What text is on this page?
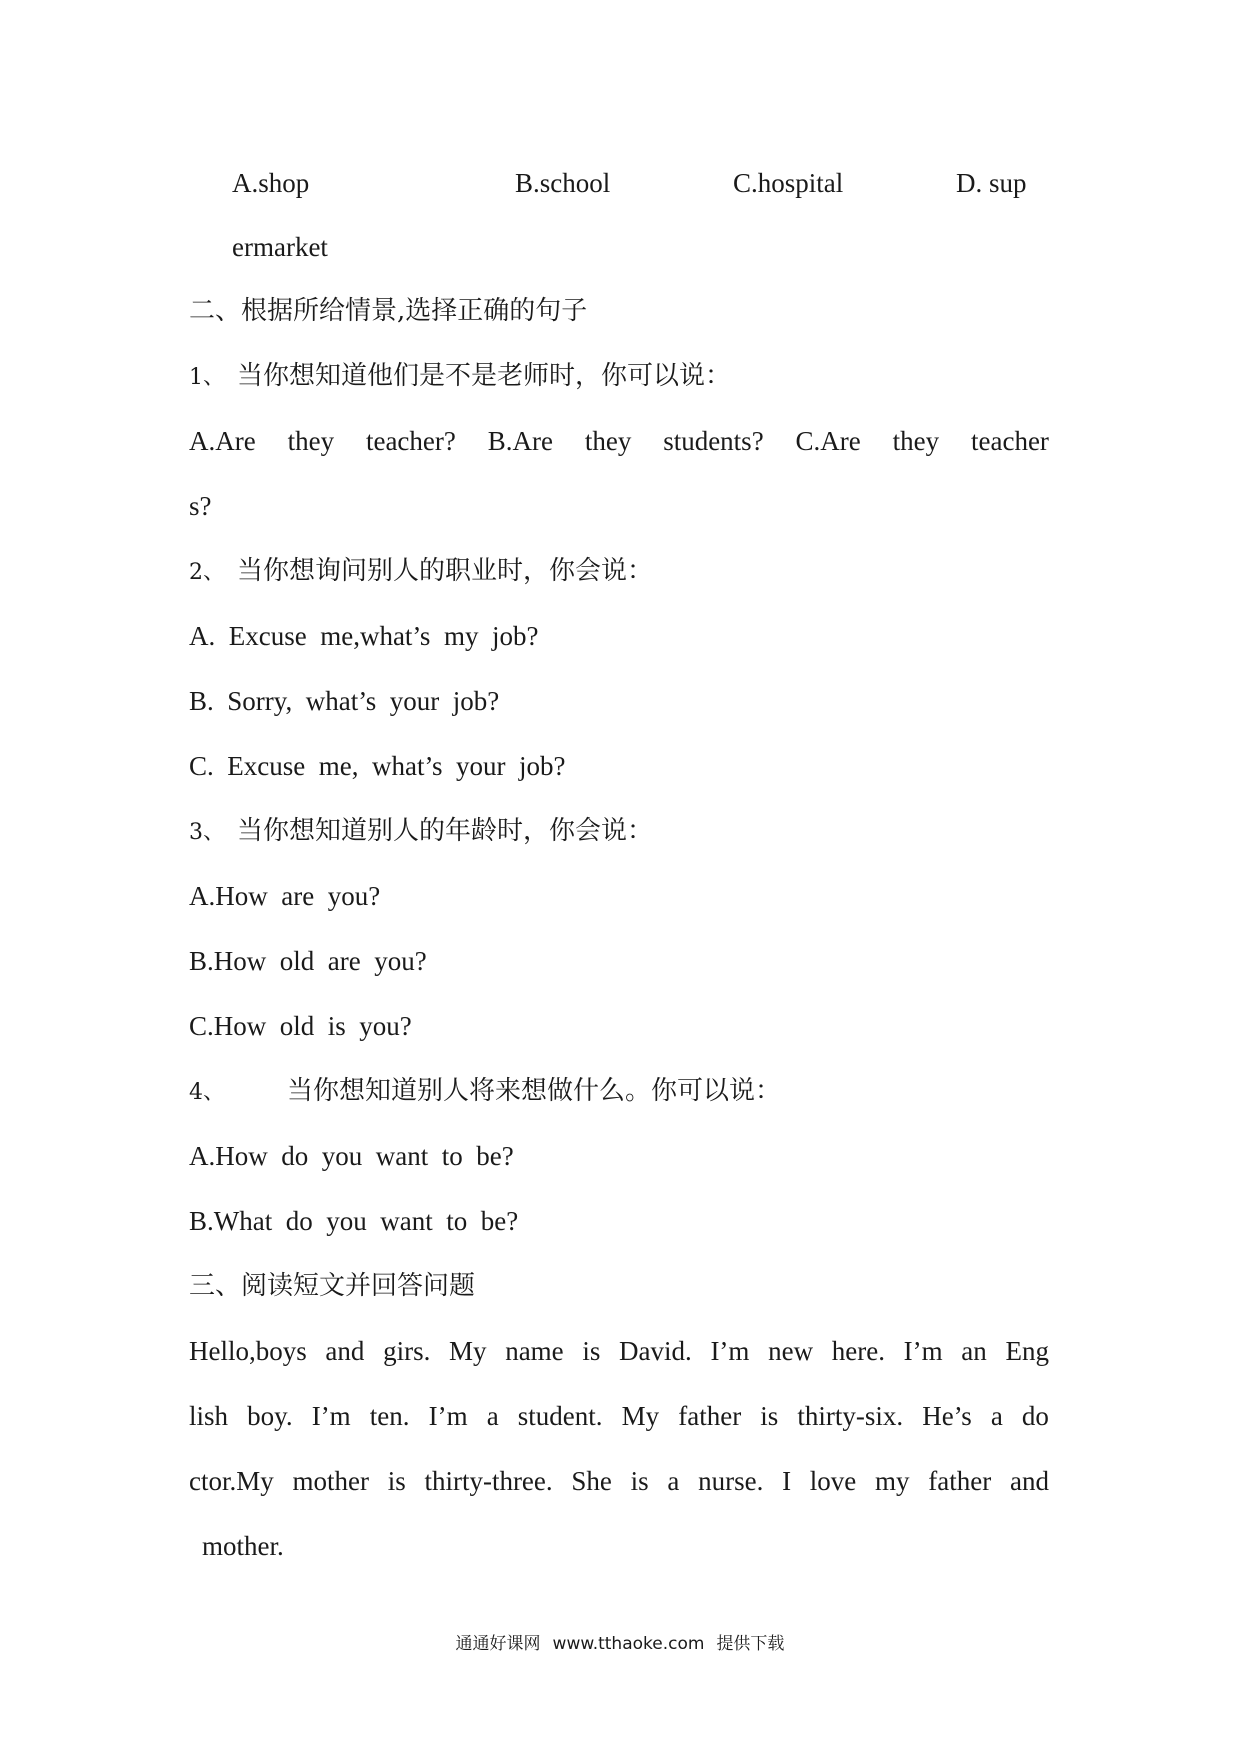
A.shop	B.school	C.hospital	D. sup
ermarket
二、根据所给情景,选择正确的句子
1、 当你想知道他们是不是老师时，你可以说：
A.Are they teacher? B.Are they students? C.Are they teacher
s?
2、 当你想询问别人的职业时，你会说：
A.  Excuse  me,what’s  my  job?
B.  Sorry,  what’s  your  job?
C.  Excuse  me,  what’s  your  job?
3、 当你想知道别人的年龄时，你会说：
A.How  are  you?
B.How  old  are  you?
C.How  old  is  you?
4、 当你想知道别人将来想做什么。你可以说：
A.How  do  you  want  to  be?
B.What  do  you  want  to  be?
三、阅读短文并回答问题
Hello,boys and girs. My name is David. I’m new here. I’m an Eng
lish boy. I’m ten. I’m a student. My father is thirty-six. He’s a do
ctor.My mother is thirty-three. She is a nurse. I love my father and
mother.
通通好课网 www.tthaoke.com 提供下载
